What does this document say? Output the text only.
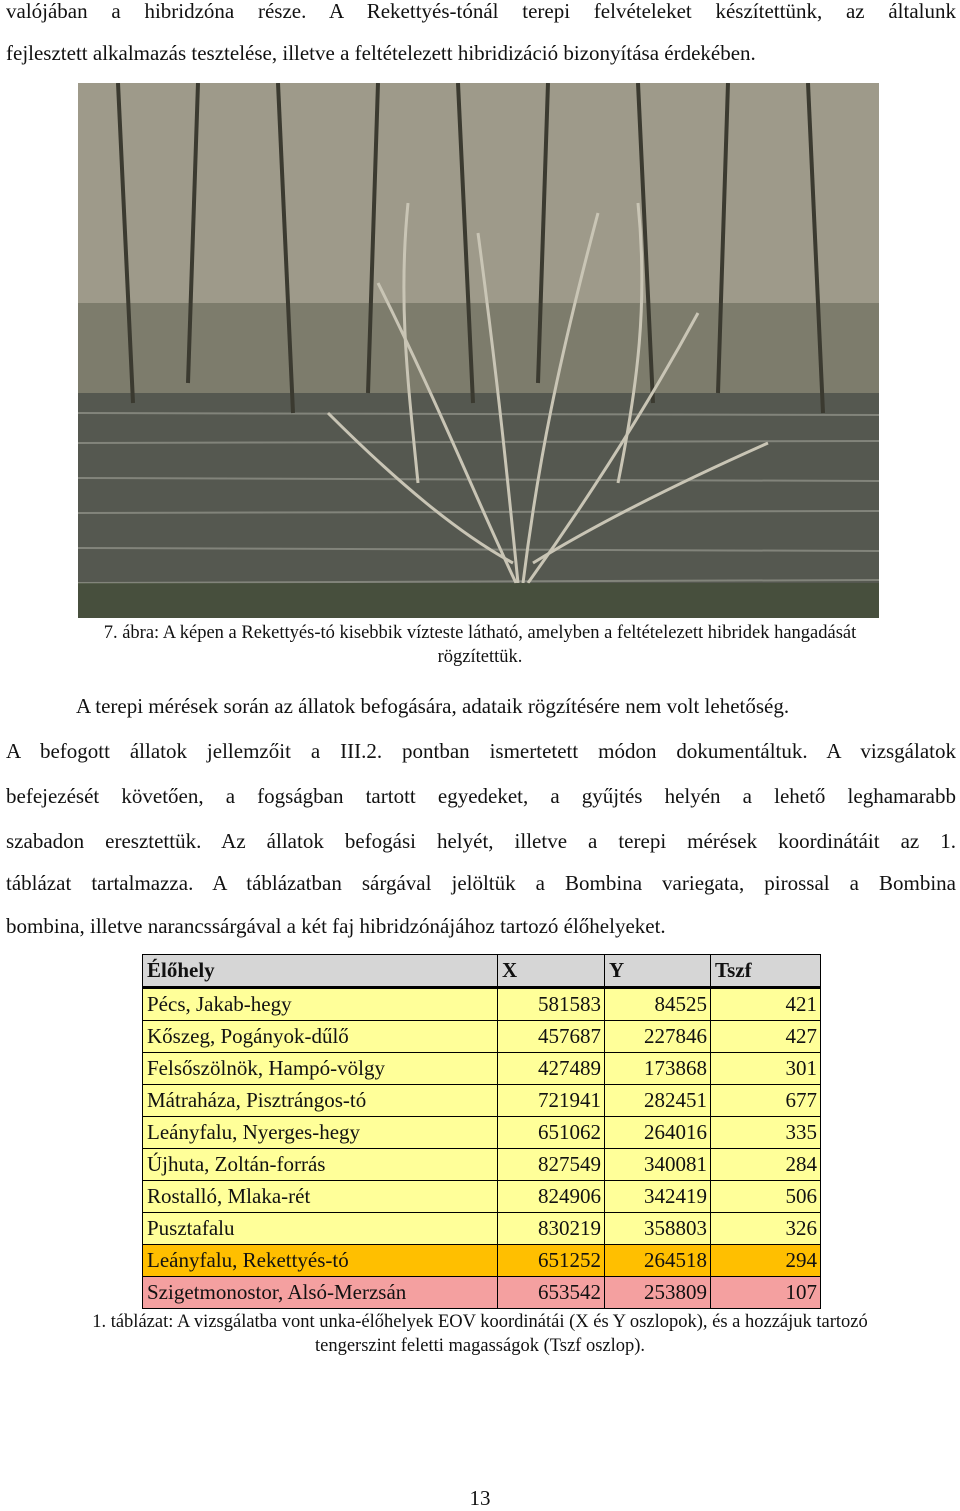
valójában a hibridzóna része. A Rekettyés-tónál terepi felvételeket készítettünk, az általunk
fejlesztett alkalmazás tesztelése, illetve a feltételezett hibridizáció bizonyítása érdekében.
7. ábra: A képen a Rekettyés-tó kisebbik vízteste látható, amelyben a feltételezett hibridek hangadását
rögzítettük.
A terepi mérések során az állatok befogására, adataik rögzítésére nem volt lehetőség.
A befogott állatok jellemzőit a III.2. pontban ismertetett módon dokumentáltuk. A vizsgálatok
befejezését követően, a fogságban tartott egyedeket, a gyűjtés helyén a lehető leghamarabb
szabadon eresztettük. Az állatok befogási helyét, illetve a terepi mérések koordinátáit az 1.
táblázat tartalmazza. A táblázatban sárgával jelöltük a Bombina variegata, pirossal a Bombina
bombina, illetve narancssárgával a két faj hibridzónájához tartozó élőhelyeket.
Élőhely	X	Y	Tszf
Pécs, Jakab-hegy	581583	84525	421
Kőszeg, Pogányok-dűlő	457687	227846	427
Felsőszölnök, Hampó-völgy	427489	173868	301
Mátraháza, Pisztrángos-tó	721941	282451	677
Leányfalu, Nyerges-hegy	651062	264016	335
Újhuta, Zoltán-forrás	827549	340081	284
Rostalló, Mlaka-rét	824906	342419	506
Pusztafalu	830219	358803	326
Leányfalu, Rekettyés-tó	651252	264518	294
Szigetmonostor, Alsó-Merzsán	653542	253809	107
1. táblázat: A vizsgálatba vont unka-élőhelyek EOV koordinátái (X és Y oszlopok), és a hozzájuk tartozó
tengerszint feletti magasságok (Tszf oszlop).
13
